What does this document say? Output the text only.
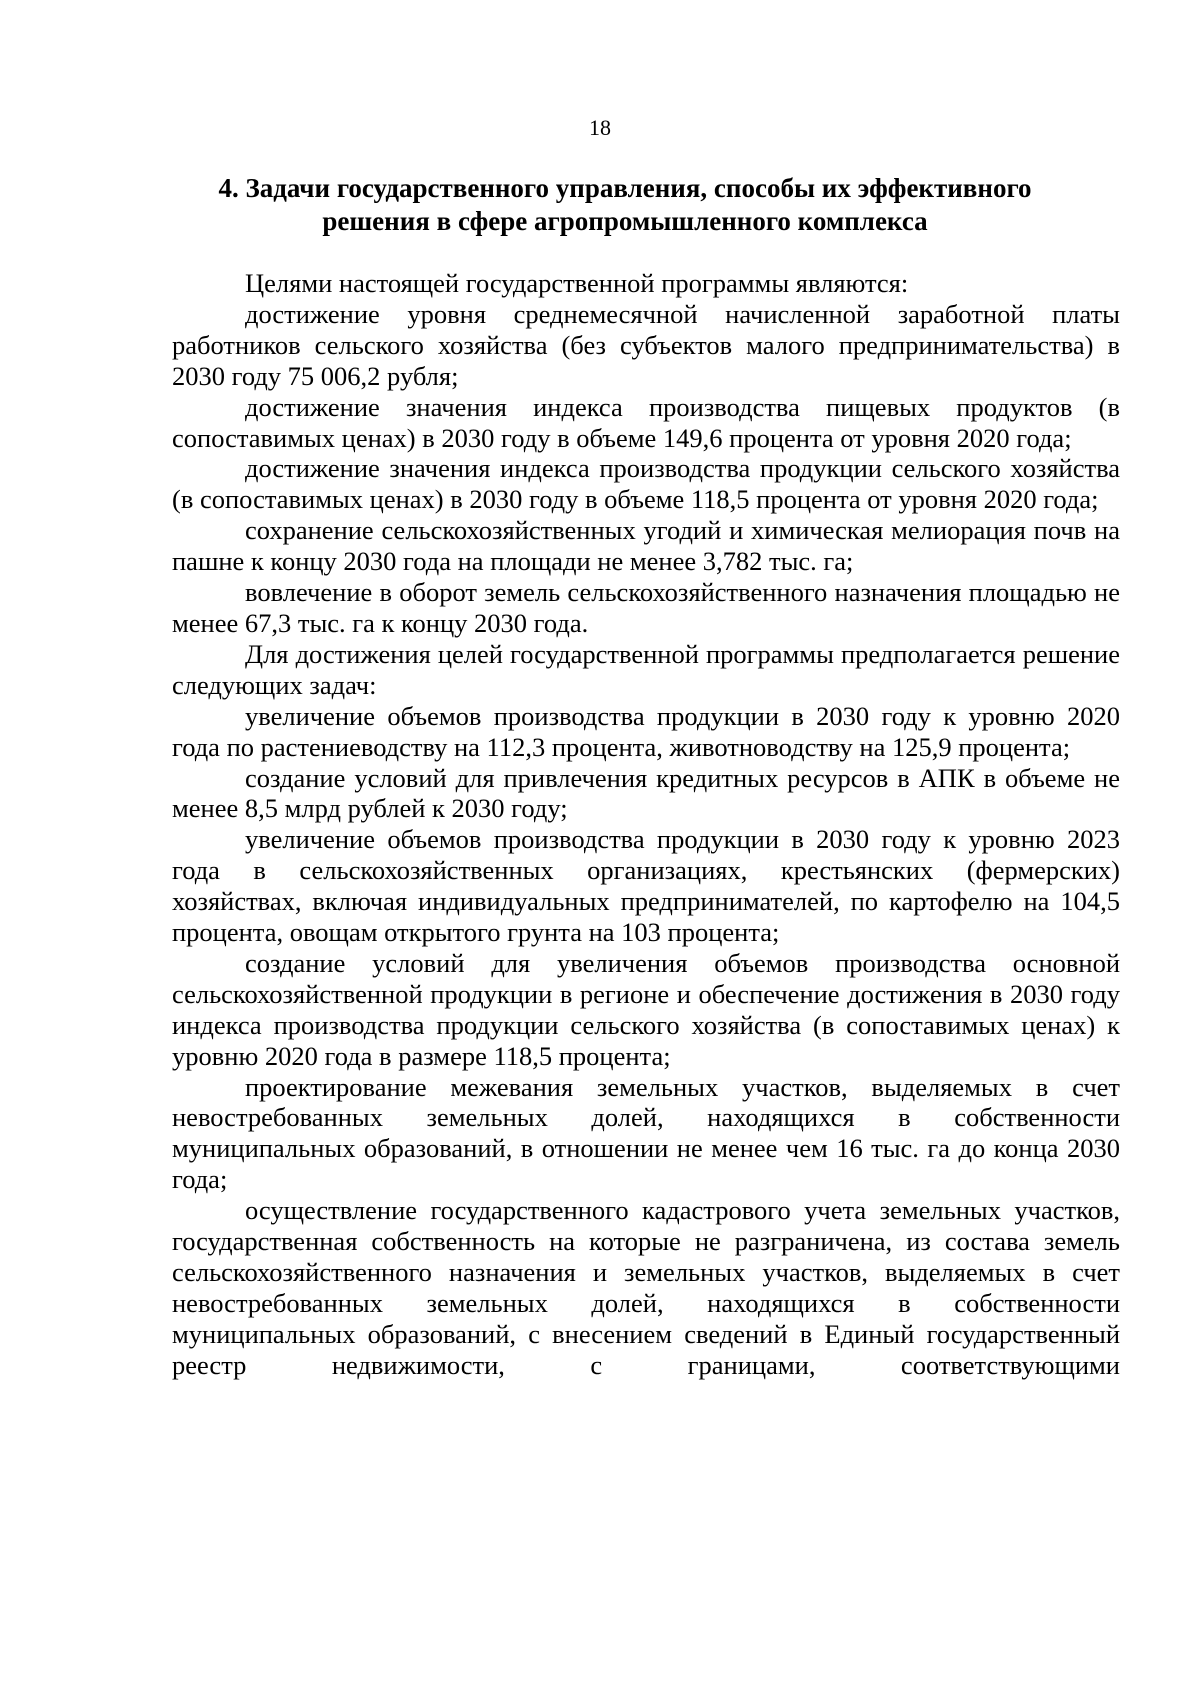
18
4. Задачи государственного управления, способы их эффективного
решения в сфере агропромышленного комплекса

Целями настоящей государственной программы являются:

достижение уровня среднемесячной начисленной заработной платы работников сельского хозяйства (без субъектов малого предпринимательства) в 2030 году 75 006,2 рубля;

достижение значения индекса производства пищевых продуктов (в сопоставимых ценах) в 2030 году в объеме 149,6 процента от уровня 2020 года;

достижение значения индекса производства продукции сельского хозяйства (в сопоставимых ценах) в 2030 году в объеме 118,5 процента от уровня 2020 года;

сохранение сельскохозяйственных угодий и химическая мелиорация почв на пашне к концу 2030 года на площади не менее 3,782 тыс. га;

вовлечение в оборот земель сельскохозяйственного назначения площадью не менее 67,3 тыс. га к концу 2030 года.

Для достижения целей государственной программы предполагается решение следующих задач:

увеличение объемов производства продукции в 2030 году к уровню 2020 года по растениеводству на 112,3 процента, животноводству на 125,9 процента;

создание условий для привлечения кредитных ресурсов в АПК в объеме не менее 8,5 млрд рублей к 2030 году;

увеличение объемов производства продукции в 2030 году к уровню 2023 года в сельскохозяйственных организациях, крестьянских (фермерских) хозяйствах, включая индивидуальных предпринимателей, по картофелю на 104,5 процента, овощам открытого грунта на 103 процента;

создание условий для увеличения объемов производства основной сельскохозяйственной продукции в регионе и обеспечение достижения в 2030 году индекса производства продукции сельского хозяйства (в сопоставимых ценах) к уровню 2020 года в размере 118,5 процента;

проектирование межевания земельных участков, выделяемых в счет невостребованных земельных долей, находящихся в собственности муниципальных образований, в отношении не менее чем 16 тыс. га до конца 2030 года;

осуществление государственного кадастрового учета земельных участков, государственная собственность на которые не разграничена, из состава земель сельскохозяйственного назначения и земельных участков, выделяемых в счет невостребованных земельных долей, находящихся в собственности муниципальных образований, с внесением сведений в Единый государственный реестр недвижимости, с границами, соответствующими
